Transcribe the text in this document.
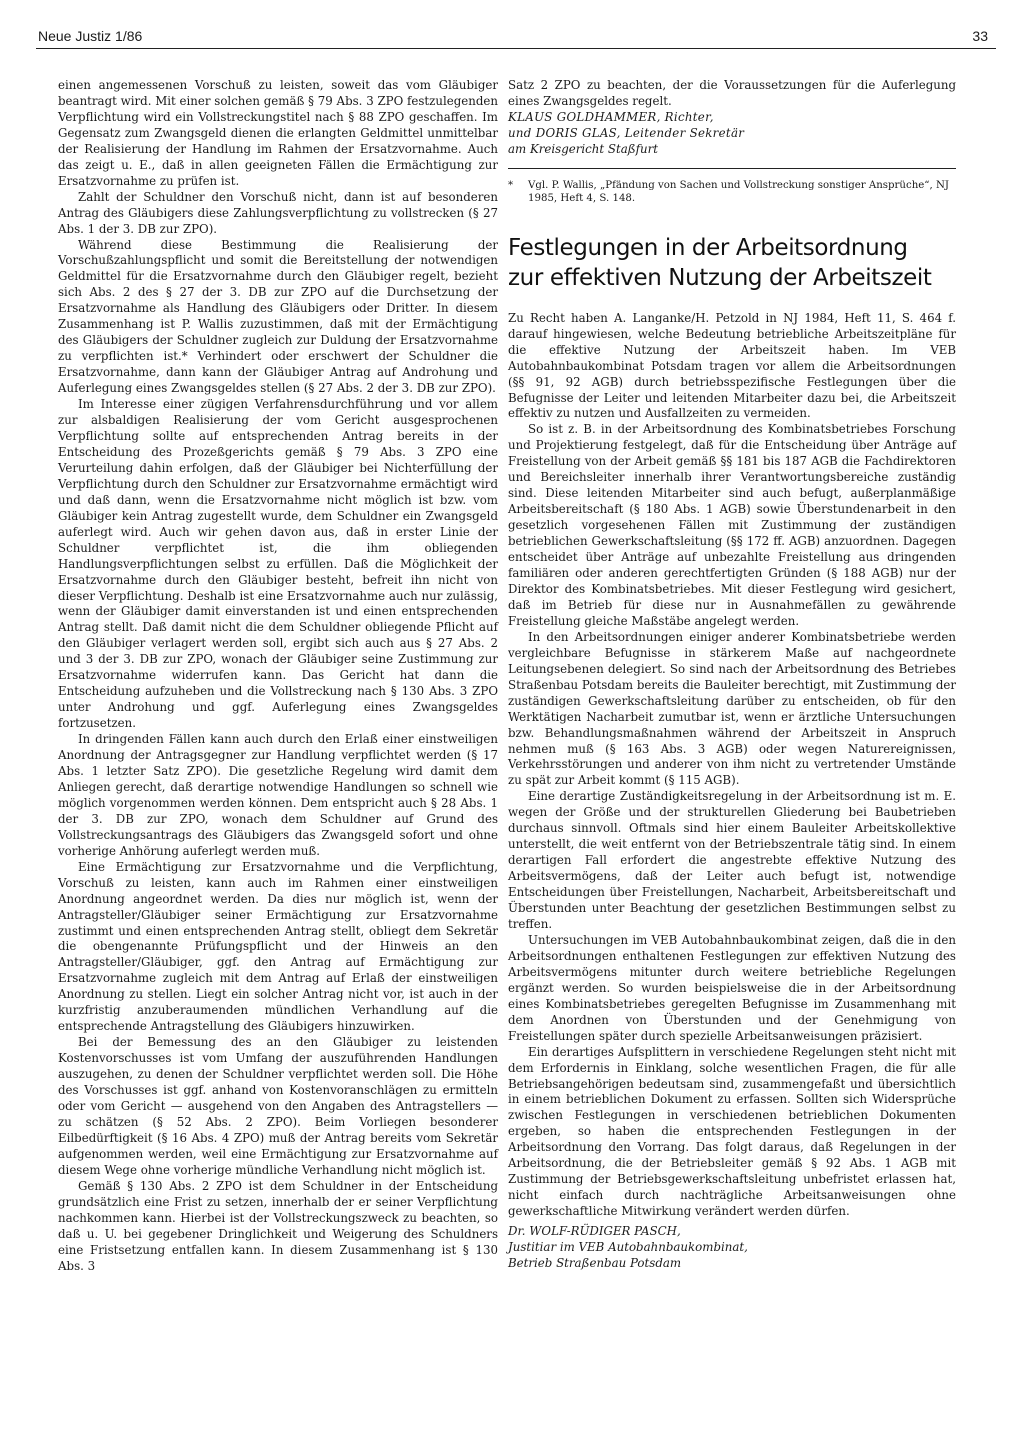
Neue Justiz 1/86	33

einen angemessenen Vorschuß zu leisten, soweit das vom Gläubiger beantragt wird. Mit einer solchen gemäß § 79 Abs. 3 ZPO festzulegenden Verpflichtung wird ein Vollstreckungstitel nach § 88 ZPO geschaffen. Im Gegensatz zum Zwangsgeld dienen die erlangten Geldmittel unmittelbar der Realisierung der Handlung im Rahmen der Ersatzvornahme. Auch das zeigt u. E., daß in allen geeigneten Fällen die Ermächtigung zur Ersatzvornahme zu prüfen ist.

Zahlt der Schuldner den Vorschuß nicht, dann ist auf besonderen Antrag des Gläubigers diese Zahlungsverpflichtung zu vollstrecken (§ 27 Abs. 1 der 3. DB zur ZPO).

Während diese Bestimmung die Realisierung der Vorschußzahlungspflicht und somit die Bereitstellung der notwendigen Geldmittel für die Ersatzvornahme durch den Gläubiger regelt, bezieht sich Abs. 2 des § 27 der 3. DB zur ZPO auf die Durchsetzung der Ersatzvornahme als Handlung des Gläubigers oder Dritter. In diesem Zusammenhang ist P. Wallis zuzustimmen, daß mit der Ermächtigung des Gläubigers der Schuldner zugleich zur Duldung der Ersatzvornahme zu verpflichten ist.* Verhindert oder erschwert der Schuldner die Ersatzvornahme, dann kann der Gläubiger Antrag auf Androhung und Auferlegung eines Zwangsgeldes stellen (§ 27 Abs. 2 der 3. DB zur ZPO).

Im Interesse einer zügigen Verfahrensdurchführung und vor allem zur alsbaldigen Realisierung der vom Gericht ausgesprochenen Verpflichtung sollte auf entsprechenden Antrag bereits in der Entscheidung des Prozeßgerichts gemäß § 79 Abs. 3 ZPO eine Verurteilung dahin erfolgen, daß der Gläubiger bei Nichterfüllung der Verpflichtung durch den Schuldner zur Ersatzvornahme ermächtigt wird und daß dann, wenn die Ersatzvornahme nicht möglich ist bzw. vom Gläubiger kein Antrag zugestellt wurde, dem Schuldner ein Zwangsgeld auferlegt wird. Auch wir gehen davon aus, daß in erster Linie der Schuldner verpflichtet ist, die ihm obliegenden Handlungsverpflichtungen selbst zu erfüllen. Daß die Möglichkeit der Ersatzvornahme durch den Gläubiger besteht, befreit ihn nicht von dieser Verpflichtung. Deshalb ist eine Ersatzvornahme auch nur zulässig, wenn der Gläubiger damit einverstanden ist und einen entsprechenden Antrag stellt. Daß damit nicht die dem Schuldner obliegende Pflicht auf den Gläubiger verlagert werden soll, ergibt sich auch aus § 27 Abs. 2 und 3 der 3. DB zur ZPO, wonach der Gläubiger seine Zustimmung zur Ersatzvornahme widerrufen kann. Das Gericht hat dann die Entscheidung aufzuheben und die Vollstreckung nach § 130 Abs. 3 ZPO unter Androhung und ggf. Auferlegung eines Zwangsgeldes fortzusetzen.

In dringenden Fällen kann auch durch den Erlaß einer einstweiligen Anordnung der Antragsgegner zur Handlung verpflichtet werden (§ 17 Abs. 1 letzter Satz ZPO). Die gesetzliche Regelung wird damit dem Anliegen gerecht, daß derartige notwendige Handlungen so schnell wie möglich vorgenommen werden können. Dem entspricht auch § 28 Abs. 1 der 3. DB zur ZPO, wonach dem Schuldner auf Grund des Vollstreckungsantrags des Gläubigers das Zwangsgeld sofort und ohne vorherige Anhörung auferlegt werden muß.

Eine Ermächtigung zur Ersatzvornahme und die Verpflichtung, Vorschuß zu leisten, kann auch im Rahmen einer einstweiligen Anordnung angeordnet werden. Da dies nur möglich ist, wenn der Antragsteller/Gläubiger seiner Ermächtigung zur Ersatzvornahme zustimmt und einen entsprechenden Antrag stellt, obliegt dem Sekretär die obengenannte Prüfungspflicht und der Hinweis an den Antragsteller/Gläubiger, ggf. den Antrag auf Ermächtigung zur Ersatzvornahme zugleich mit dem Antrag auf Erlaß der einstweiligen Anordnung zu stellen. Liegt ein solcher Antrag nicht vor, ist auch in der kurzfristig anzuberaumenden mündlichen Verhandlung auf die entsprechende Antragstellung des Gläubigers hinzuwirken.

Bei der Bemessung des an den Gläubiger zu leistenden Kostenvorschusses ist vom Umfang der auszuführenden Handlungen auszugehen, zu denen der Schuldner verpflichtet werden soll. Die Höhe des Vorschusses ist ggf. anhand von Kostenvoranschlägen zu ermitteln oder vom Gericht — ausgehend von den Angaben des Antragstellers — zu schätzen (§ 52 Abs. 2 ZPO). Beim Vorliegen besonderer Eilbedürftigkeit (§ 16 Abs. 4 ZPO) muß der Antrag bereits vom Sekretär aufgenommen werden, weil eine Ermächtigung zur Ersatzvornahme auf diesem Wege ohne vorherige mündliche Verhandlung nicht möglich ist.

Gemäß § 130 Abs. 2 ZPO ist dem Schuldner in der Entscheidung grundsätzlich eine Frist zu setzen, innerhalb der er seiner Verpflichtung nachkommen kann. Hierbei ist der Vollstreckungszweck zu beachten, so daß u. U. bei gegebener Dringlichkeit und Weigerung des Schuldners eine Fristsetzung entfallen kann. In diesem Zusammenhang ist § 130 Abs. 3

Satz 2 ZPO zu beachten, der die Voraussetzungen für die Auferlegung eines Zwangsgeldes regelt.

KLAUS GOLDHAMMER, Richter,
und DORIS GLAS, Leitender Sekretär
am Kreisgericht Staßfurt
* Vgl. P. Wallis, „Pfändung von Sachen und Vollstreckung sonstiger Ansprüche“, NJ 1985, Heft 4, S. 148.
Festlegungen in der Arbeitsordnung
zur effektiven Nutzung der Arbeitszeit

Zu Recht haben A. Langanke/H. Petzold in NJ 1984, Heft 11, S. 464 f. darauf hingewiesen, welche Bedeutung betriebliche Arbeitszeitpläne für die effektive Nutzung der Arbeitszeit haben. Im VEB Autobahnbaukombinat Potsdam tragen vor allem die Arbeitsordnungen (§§ 91, 92 AGB) durch betriebsspezifische Festlegungen über die Befugnisse der Leiter und leitenden Mitarbeiter dazu bei, die Arbeitszeit effektiv zu nutzen und Ausfallzeiten zu vermeiden.

So ist z. B. in der Arbeitsordnung des Kombinatsbetriebes Forschung und Projektierung festgelegt, daß für die Entscheidung über Anträge auf Freistellung von der Arbeit gemäß §§ 181 bis 187 AGB die Fachdirektoren und Bereichsleiter innerhalb ihrer Verantwortungsbereiche zuständig sind. Diese leitenden Mitarbeiter sind auch befugt, außerplanmäßige Arbeitsbereitschaft (§ 180 Abs. 1 AGB) sowie Überstundenarbeit in den gesetzlich vorgesehenen Fällen mit Zustimmung der zuständigen betrieblichen Gewerkschaftsleitung (§§ 172 ff. AGB) anzuordnen. Dagegen entscheidet über Anträge auf unbezahlte Freistellung aus dringenden familiären oder anderen gerechtfertigten Gründen (§ 188 AGB) nur der Direktor des Kombinatsbetriebes. Mit dieser Festlegung wird gesichert, daß im Betrieb für diese nur in Ausnahmefällen zu gewährende Freistellung gleiche Maßstäbe angelegt werden.

In den Arbeitsordnungen einiger anderer Kombinatsbetriebe werden vergleichbare Befugnisse in stärkerem Maße auf nachgeordnete Leitungsebenen delegiert. So sind nach der Arbeitsordnung des Betriebes Straßenbau Potsdam bereits die Bauleiter berechtigt, mit Zustimmung der zuständigen Gewerkschaftsleitung darüber zu entscheiden, ob für den Werktätigen Nacharbeit zumutbar ist, wenn er ärztliche Untersuchungen bzw. Behandlungsmaßnahmen während der Arbeitszeit in Anspruch nehmen muß (§ 163 Abs. 3 AGB) oder wegen Naturereignissen, Verkehrsstörungen und anderer von ihm nicht zu vertretender Umstände zu spät zur Arbeit kommt (§ 115 AGB).

Eine derartige Zuständigkeitsregelung in der Arbeitsordnung ist m. E. wegen der Größe und der strukturellen Gliederung bei Baubetrieben durchaus sinnvoll. Oftmals sind hier einem Bauleiter Arbeitskollektive unterstellt, die weit entfernt von der Betriebszentrale tätig sind. In einem derartigen Fall erfordert die angestrebte effektive Nutzung des Arbeitsvermögens, daß der Leiter auch befugt ist, notwendige Entscheidungen über Freistellungen, Nacharbeit, Arbeitsbereitschaft und Überstunden unter Beachtung der gesetzlichen Bestimmungen selbst zu treffen.

Untersuchungen im VEB Autobahnbaukombinat zeigen, daß die in den Arbeitsordnungen enthaltenen Festlegungen zur effektiven Nutzung des Arbeitsvermögens mitunter durch weitere betriebliche Regelungen ergänzt werden. So wurden beispielsweise die in der Arbeitsordnung eines Kombinatsbetriebes geregelten Befugnisse im Zusammenhang mit dem Anordnen von Überstunden und der Genehmigung von Freistellungen später durch spezielle Arbeitsanweisungen präzisiert.

Ein derartiges Aufsplittern in verschiedene Regelungen steht nicht mit dem Erfordernis in Einklang, solche wesentlichen Fragen, die für alle Betriebsangehörigen bedeutsam sind, zusammengefaßt und übersichtlich in einem betrieblichen Dokument zu erfassen. Sollten sich Widersprüche zwischen Festlegungen in verschiedenen betrieblichen Dokumenten ergeben, so haben die entsprechenden Festlegungen in der Arbeitsordnung den Vorrang. Das folgt daraus, daß Regelungen in der Arbeitsordnung, die der Betriebsleiter gemäß § 92 Abs. 1 AGB mit Zustimmung der Betriebsgewerkschaftsleitung unbefristet erlassen hat, nicht einfach durch nachträgliche Arbeitsanweisungen ohne gewerkschaftliche Mitwirkung verändert werden dürfen.

Dr. WOLF-RÜDIGER PASCH,
Justitiar im VEB Autobahnbaukombinat,
Betrieb Straßenbau Potsdam
